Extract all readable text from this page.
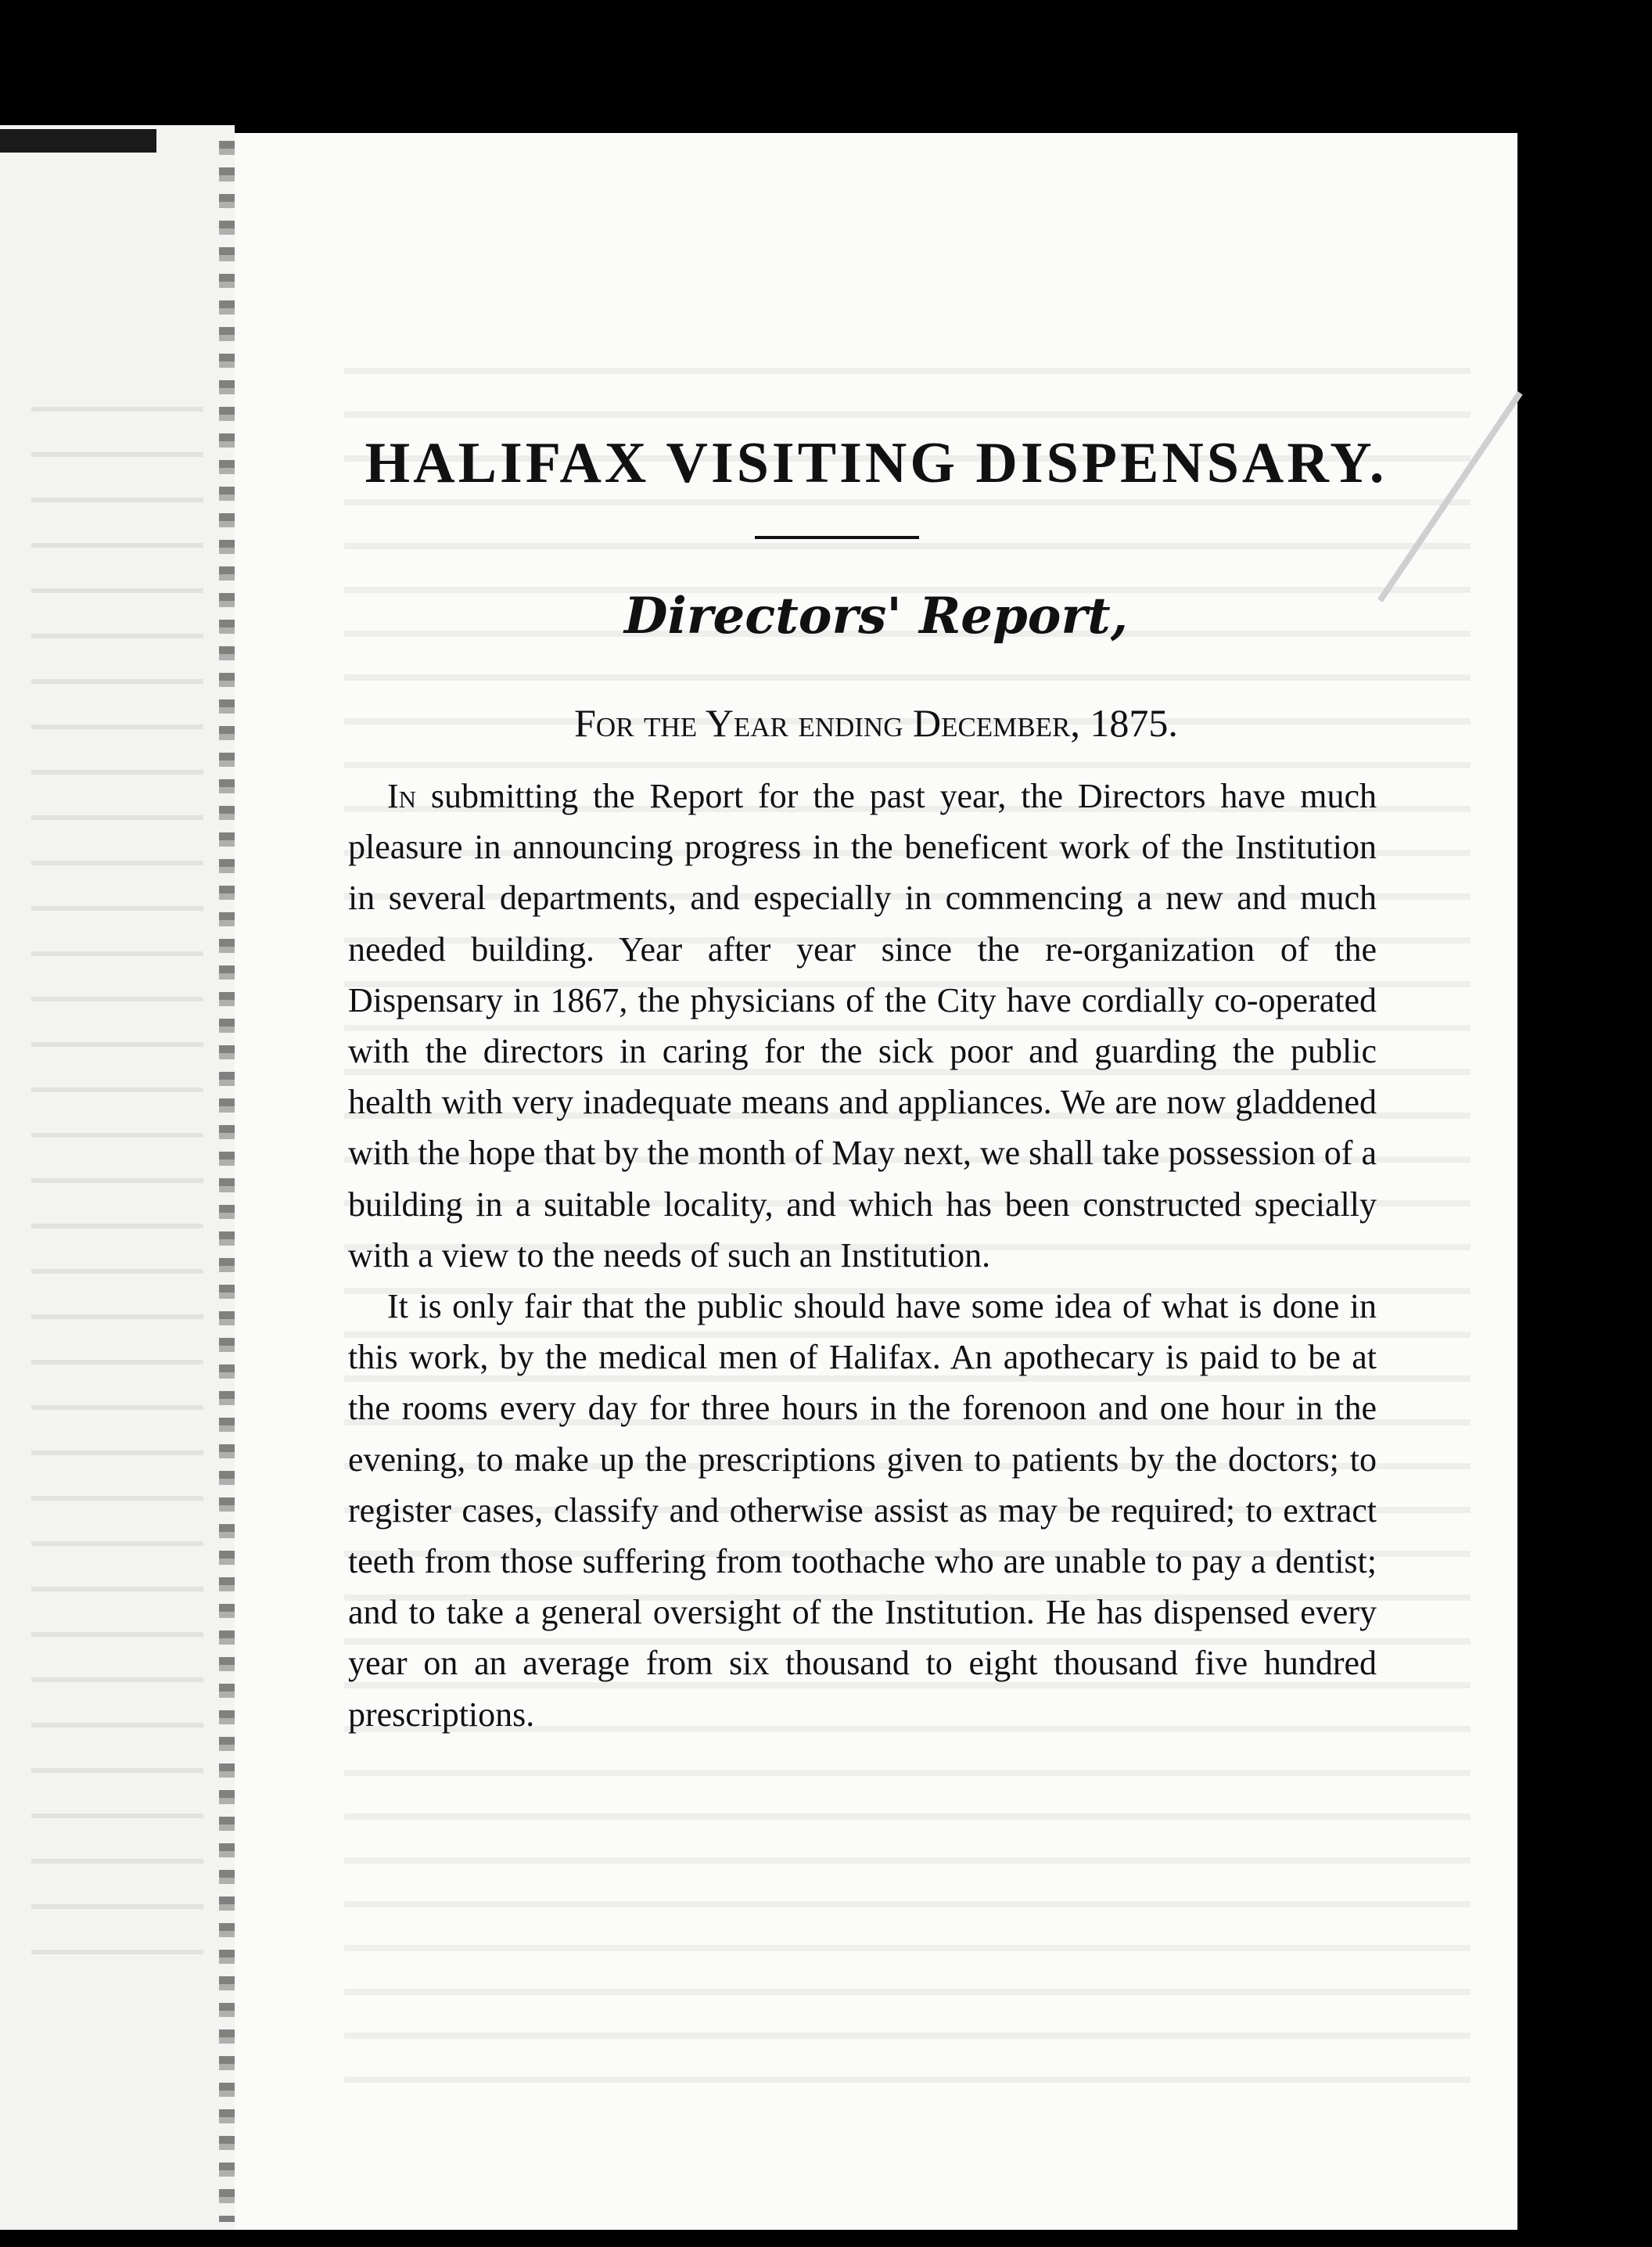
HALIFAX VISITING DISPENSARY.
Directors' Report,
For the Year ending December, 1875.

In submitting the Report for the past year, the Directors have much pleasure in announcing progress in the beneficent work of the Institution in several departments, and especially in commencing a new and much needed building. Year after year since the re-organization of the Dispensary in 1867, the physicians of the City have cordially co-operated with the directors in caring for the sick poor and guarding the public health with very inadequate means and appliances. We are now gladdened with the hope that by the month of May next, we shall take possession of a building in a suitable locality, and which has been constructed specially with a view to the needs of such an Institution.

It is only fair that the public should have some idea of what is done in this work, by the medical men of Halifax. An apothecary is paid to be at the rooms every day for three hours in the forenoon and one hour in the evening, to make up the prescriptions given to patients by the doctors; to register cases, classify and otherwise assist as may be required; to extract teeth from those suffering from toothache who are unable to pay a dentist; and to take a general oversight of the Institution. He has dispensed every year on an average from six thousand to eight thousand five hundred prescriptions.
